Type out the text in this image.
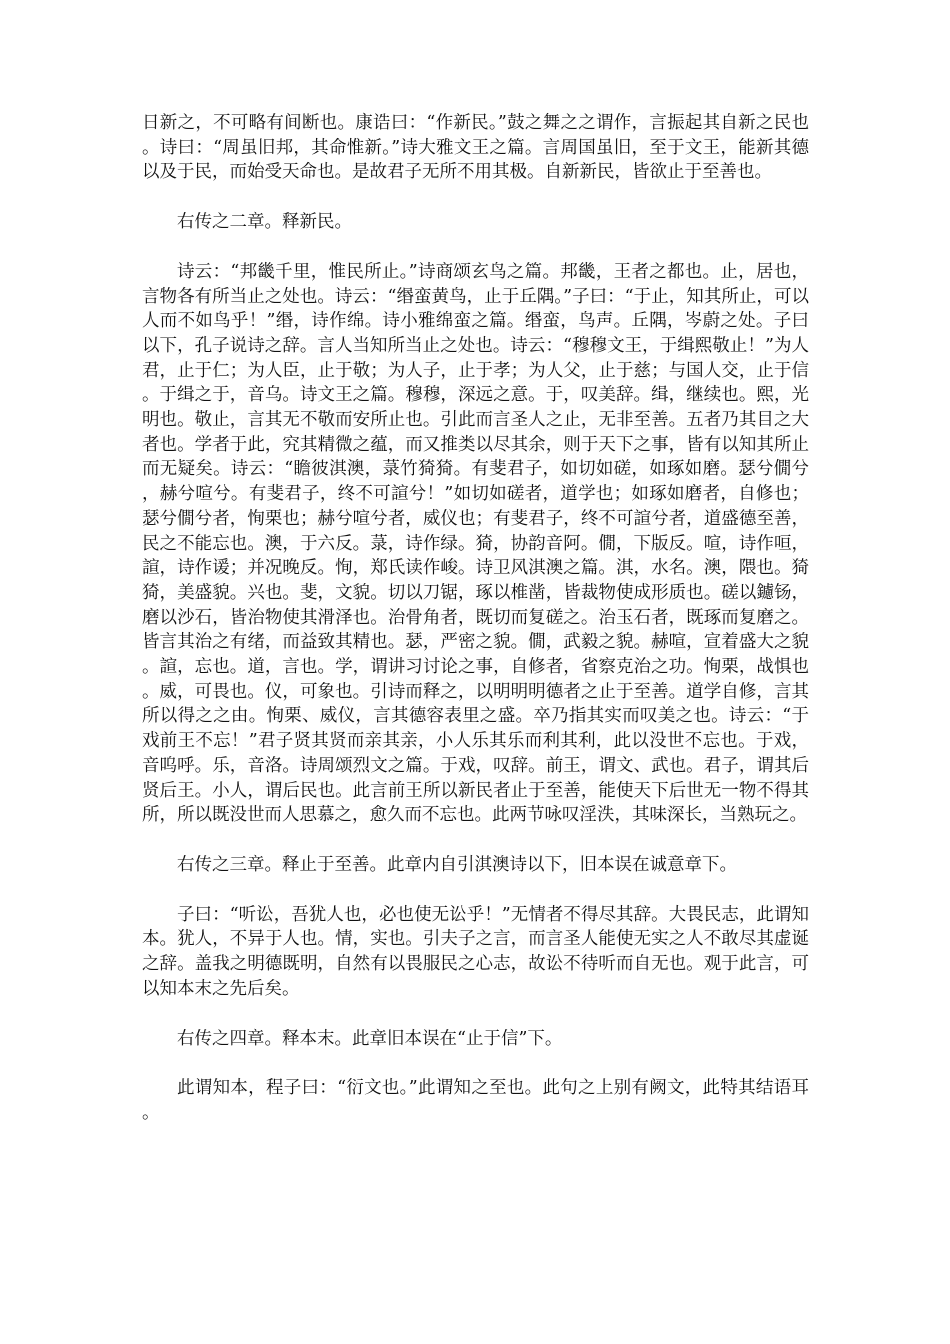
日新之，不可略有间断也。康诰曰：“作新民。”鼓之舞之之谓作，言振起其自新之民也。诗曰：“周虽旧邦，其命惟新。”诗大雅文王之篇。言周国虽旧，至于文王，能新其德以及于民，而始受天命也。是故君子无所不用其极。自新新民，皆欲止于至善也。

右传之二章。释新民。

诗云：“邦畿千里，惟民所止。”诗商颂玄鸟之篇。邦畿，王者之都也。止，居也，言物各有所当止之处也。诗云：“缗蛮黄鸟，止于丘隅。”子曰：“于止，知其所止，可以人而不如鸟乎！”缗，诗作绵。诗小雅绵蛮之篇。缗蛮，鸟声。丘隅，岑蔚之处。子曰以下，孔子说诗之辞。言人当知所当止之处也。诗云：“穆穆文王，于缉熙敬止！”为人君，止于仁；为人臣，止于敬；为人子，止于孝；为人父，止于慈；与国人交，止于信。于缉之于，音乌。诗文王之篇。穆穆，深远之意。于，叹美辞。缉，继续也。熙，光明也。敬止，言其无不敬而安所止也。引此而言圣人之止，无非至善。五者乃其目之大者也。学者于此，究其精微之蕴，而又推类以尽其余，则于天下之事，皆有以知其所止而无疑矣。诗云：“瞻彼淇澳，菉竹猗猗。有斐君子，如切如磋，如琢如磨。瑟兮僩兮，赫兮喧兮。有斐君子，终不可諠兮！”如切如磋者，道学也；如琢如磨者，自修也；瑟兮僩兮者，恂栗也；赫兮喧兮者，威仪也；有斐君子，终不可諠兮者，道盛德至善，民之不能忘也。澳，于六反。菉，诗作绿。猗，协韵音阿。僩，下版反。喧，诗作咺，諠，诗作谖；并况晚反。恂，郑氏读作峻。诗卫风淇澳之篇。淇，水名。澳，隈也。猗猗，美盛貌。兴也。斐，文貌。切以刀锯，琢以椎凿，皆裁物使成形质也。磋以鑢钖，磨以沙石，皆治物使其滑泽也。治骨角者，既切而复磋之。治玉石者，既琢而复磨之。皆言其治之有绪，而益致其精也。瑟，严密之貌。僩，武毅之貌。赫喧，宣着盛大之貌。諠，忘也。道，言也。学，谓讲习讨论之事，自修者，省察克治之功。恂栗，战惧也。威，可畏也。仪，可象也。引诗而释之，以明明明德者之止于至善。道学自修，言其所以得之之由。恂栗、威仪，言其德容表里之盛。卒乃指其实而叹美之也。诗云：“于戏前王不忘！”君子贤其贤而亲其亲，小人乐其乐而利其利，此以没世不忘也。于戏，音呜呼。乐，音洛。诗周颂烈文之篇。于戏，叹辞。前王，谓文、武也。君子，谓其后贤后王。小人，谓后民也。此言前王所以新民者止于至善，能使天下后世无一物不得其所，所以既没世而人思慕之，愈久而不忘也。此两节咏叹淫泆，其味深长，当熟玩之。

右传之三章。释止于至善。此章内自引淇澳诗以下，旧本误在诚意章下。

子曰：“听讼，吾犹人也，必也使无讼乎！”无情者不得尽其辞。大畏民志，此谓知本。犹人，不异于人也。情，实也。引夫子之言，而言圣人能使无实之人不敢尽其虚诞之辞。盖我之明德既明，自然有以畏服民之心志，故讼不待听而自无也。观于此言，可以知本末之先后矣。

右传之四章。释本末。此章旧本误在“止于信”下。

此谓知本，程子曰：“衍文也。”此谓知之至也。此句之上别有阙文，此特其结语耳。
